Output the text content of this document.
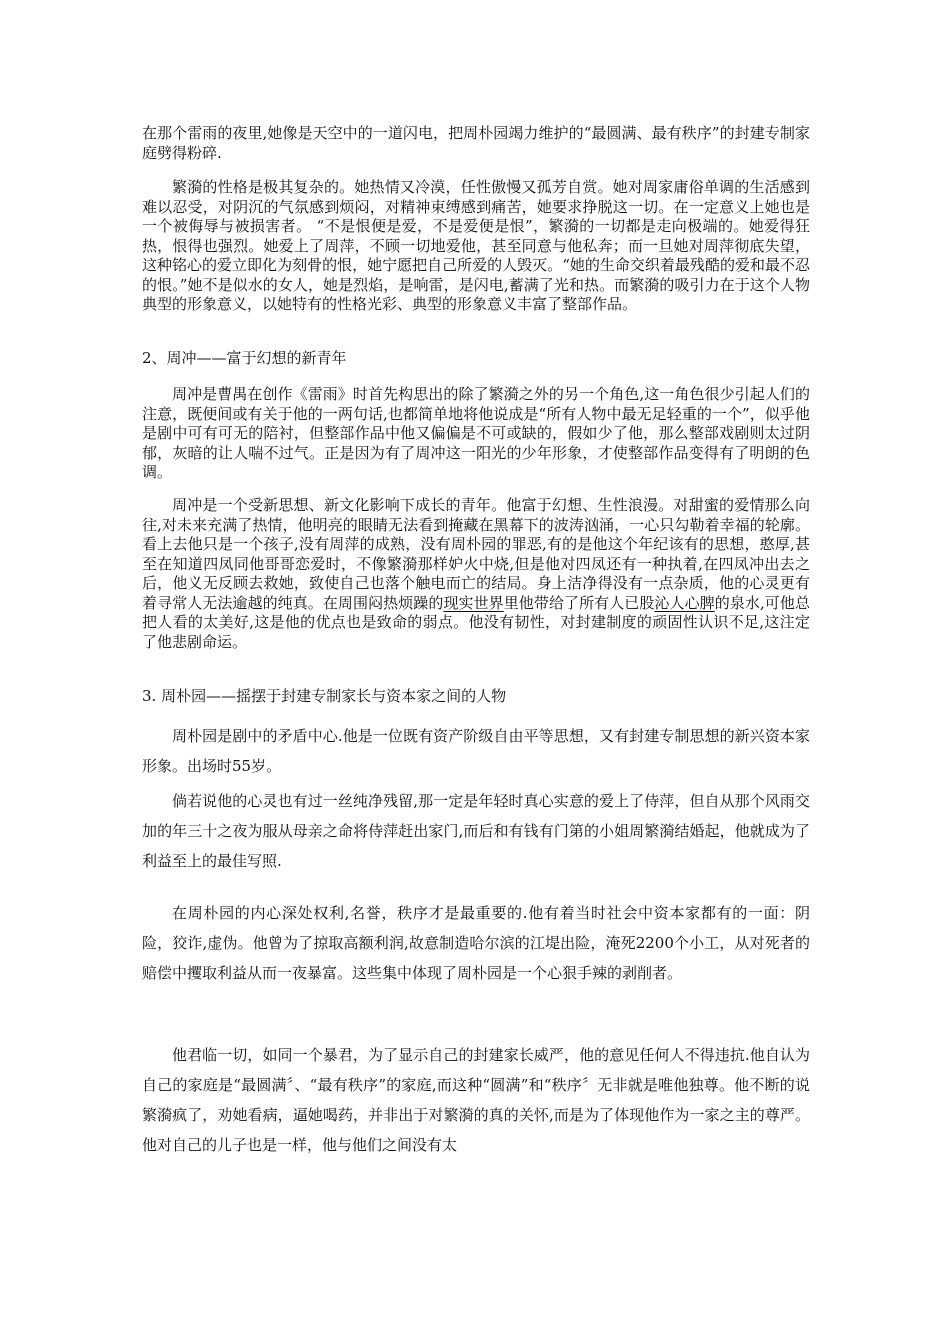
在那个雷雨的夜里,她像是天空中的一道闪电，把周朴园竭力维护的“最圆满、最有秩序”的封建专制家庭劈得粉碎.

繁漪的性格是极其复杂的。她热情又冷漠，任性傲慢又孤芳自赏。她对周家庸俗单调的生活感到难以忍受，对阴沉的气氛感到烦闷，对精神束缚感到痛苦，她要求挣脱这一切。在一定意义上她也是一个被侮辱与被损害者。 “不是恨便是爱，不是爱便是恨”，繁漪的一切都是走向极端的。她爱得狂热，恨得也强烈。她爱上了周萍，不顾一切地爱他，甚至同意与他私奔；而一旦她对周萍彻底失望，这种铭心的爱立即化为刻骨的恨，她宁愿把自己所爱的人毁灭。“她的生命交织着最残酷的爱和最不忍的恨。”她不是似水的女人，她是烈焰，是响雷，是闪电,蓄满了光和热。而繁漪的吸引力在于这个人物典型的形象意义，以她特有的性格光彩、典型的形象意义丰富了整部作品。

2、周冲——富于幻想的新青年

周冲是曹禺在创作《雷雨》时首先构思出的除了繁漪之外的另一个角色,这一角色很少引起人们的注意，既便间或有关于他的一两句话,也都简单地将他说成是“所有人物中最无足轻重的一个”，似乎他是剧中可有可无的陪衬，但整部作品中他又偏偏是不可或缺的，假如少了他，那么整部戏剧则太过阴郁，灰暗的让人喘不过气。正是因为有了周冲这一阳光的少年形象，才使整部作品变得有了明朗的色调。

周冲是一个受新思想、新文化影响下成长的青年。他富于幻想、生性浪漫。对甜蜜的爱情那么向往,对未来充满了热情，他明亮的眼睛无法看到掩藏在黑幕下的波涛汹涌，一心只勾勒着幸福的轮廓。看上去他只是一个孩子,没有周萍的成熟，没有周朴园的罪恶,有的是他这个年纪该有的思想，憨厚,甚至在知道四凤同他哥哥恋爱时，不像繁漪那样妒火中烧,但是他对四凤还有一种执着,在四凤冲出去之后，他义无反顾去救她，致使自己也落个触电而亡的结局。身上洁净得没有一点杂质，他的心灵更有着寻常人无法逾越的纯真。在周围闷热烦躁的现实世界里他带给了所有人已股沁人心脾的泉水,可他总把人看的太美好,这是他的优点也是致命的弱点。他没有韧性，对封建制度的顽固性认识不足,这注定了他悲剧命运。

3. 周朴园——摇摆于封建专制家长与资本家之间的人物

周朴园是剧中的矛盾中心.他是一位既有资产阶级自由平等思想，又有封建专制思想的新兴资本家形象。出场时55岁。

倘若说他的心灵也有过一丝纯净残留,那一定是年轻时真心实意的爱上了侍萍，但自从那个风雨交加的年三十之夜为服从母亲之命将侍萍赶出家门,而后和有钱有门第的小姐周繁漪结婚起，他就成为了利益至上的最佳写照.

在周朴园的内心深处权利,名誉，秩序才是最重要的.他有着当时社会中资本家都有的一面：阴险，狡诈,虚伪。他曾为了掠取高额利润,故意制造哈尔滨的江堤出险，淹死2200个小工，从对死者的赔偿中攫取利益从而一夜暴富。这些集中体现了周朴园是一个心狠手辣的剥削者。

他君临一切，如同一个暴君，为了显示自己的封建家长威严，他的意见任何人不得违抗.他自认为自己的家庭是“最圆满〞、“最有秩序”的家庭,而这种“圆满”和“秩序〞无非就是唯他独尊。他不断的说繁漪疯了，劝她看病，逼她喝药，并非出于对繁漪的真的关怀,而是为了体现他作为一家之主的尊严。他对自己的儿子也是一样，他与他们之间没有太
